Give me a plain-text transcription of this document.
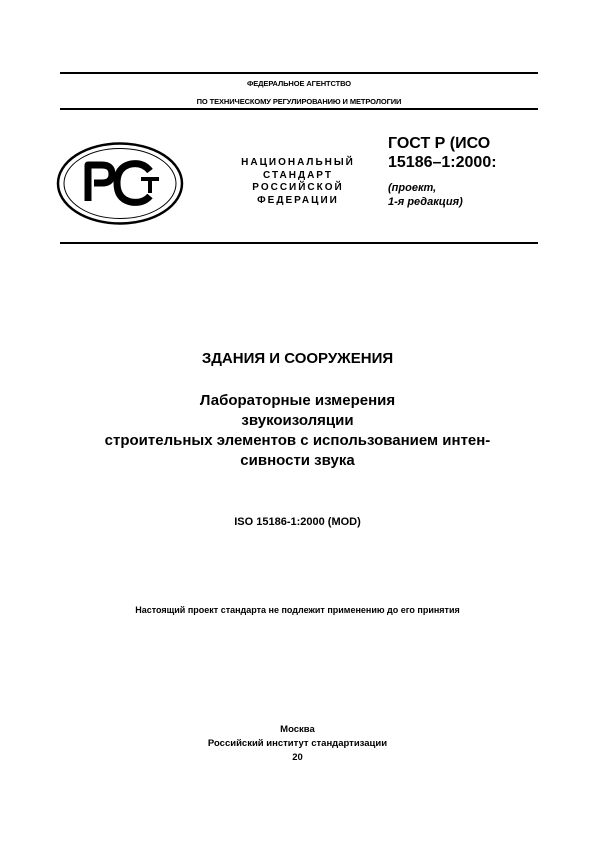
ФЕДЕРАЛЬНОЕ АГЕНТСТВО
ПО ТЕХНИЧЕСКОМУ РЕГУЛИРОВАНИЮ И МЕТРОЛОГИИ
НАЦИОНАЛЬНЫЙ
СТАНДАРТ
РОССИЙСКОЙ
ФЕДЕРАЦИИ
ГОСТ Р (ИСО
15186–1:2000:
(проект,
1-я редакция)
ЗДАНИЯ И СООРУЖЕНИЯ
Лабораторные измерения
звукоизоляции
строительных элементов с использованием интен-
сивности звука
ISO 15186-1:2000 (MOD)
Настоящий проект стандарта не подлежит применению до его принятия
Москва
Российский институт стандартизации
20
